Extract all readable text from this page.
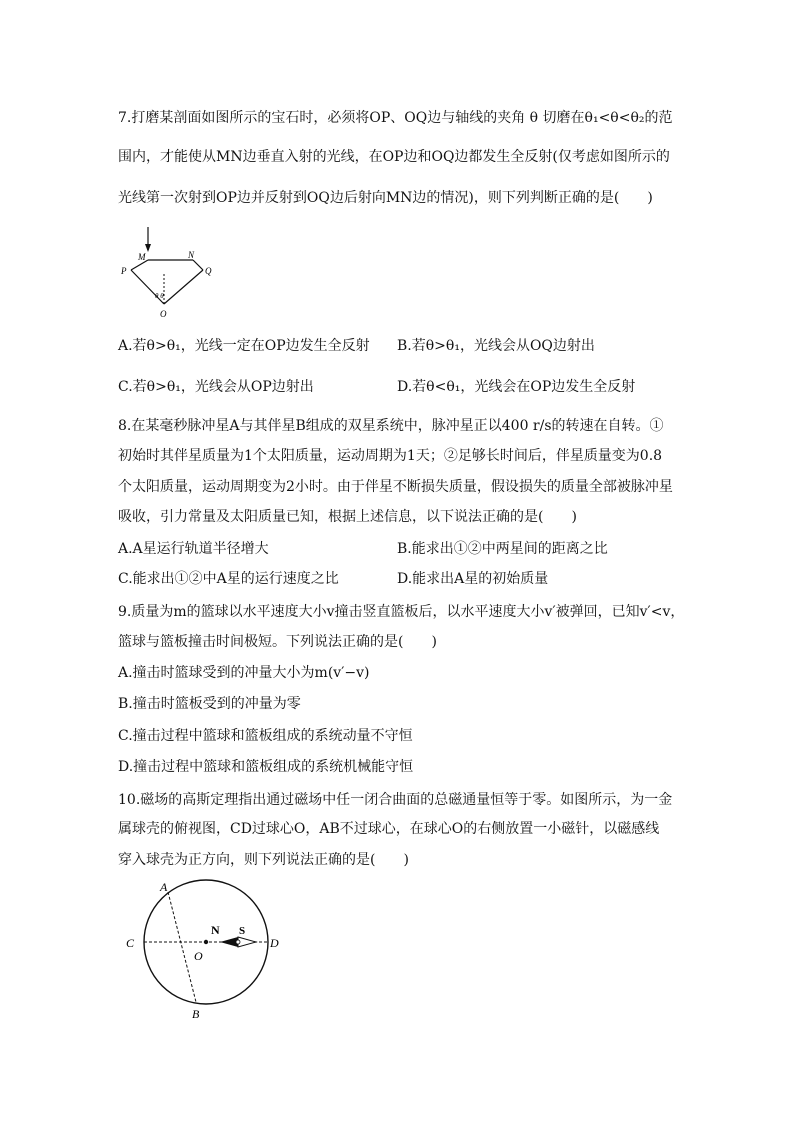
7.打磨某剖面如图所示的宝石时，必须将OP、OQ边与轴线的夹角 θ 切磨在θ₁<θ<θ₂的范
围内，才能使从MN边垂直入射的光线，在OP边和OQ边都发生全反射(仅考虑如图所示的
光线第一次射到OP边并反射到OQ边后射向MN边的情况)，则下列判断正确的是(　　)
M	N
P	Q
O
θ θ
A.若θ>θ₁，光线一定在OP边发生全反射 B.若θ>θ₁，光线会从OQ边射出
C.若θ>θ₁，光线会从OP边射出	D.若θ<θ₁，光线会在OP边发生全反射
8.在某毫秒脉冲星A与其伴星B组成的双星系统中，脉冲星正以400 r/s的转速在自转。①
初始时其伴星质量为1个太阳质量，运动周期为1天；②足够长时间后，伴星质量变为0.8
个太阳质量，运动周期变为2小时。由于伴星不断损失质量，假设损失的质量全部被脉冲星
吸收，引力常量及太阳质量已知，根据上述信息，以下说法正确的是(　　)
A.A星运行轨道半径增大	B.能求出①②中两星间的距离之比
C.能求出①②中A星的运行速度之比	D.能求出A星的初始质量
9.质量为m的篮球以水平速度大小v撞击竖直篮板后，以水平速度大小v′被弹回，已知v′<v，
篮球与篮板撞击时间极短。下列说法正确的是(　　)
A.撞击时篮球受到的冲量大小为m(v′−v)
B.撞击时篮板受到的冲量为零
C.撞击过程中篮球和篮板组成的系统动量不守恒
D.撞击过程中篮球和篮板组成的系统机械能守恒
10.磁场的高斯定理指出通过磁场中任一闭合曲面的总磁通量恒等于零。如图所示，为一金
属球壳的俯视图，CD过球心O，AB不过球心，在球心O的右侧放置一小磁针，以磁感线
穿入球壳为正方向，则下列说法正确的是(　　)
A
B
C	D
O
N S
